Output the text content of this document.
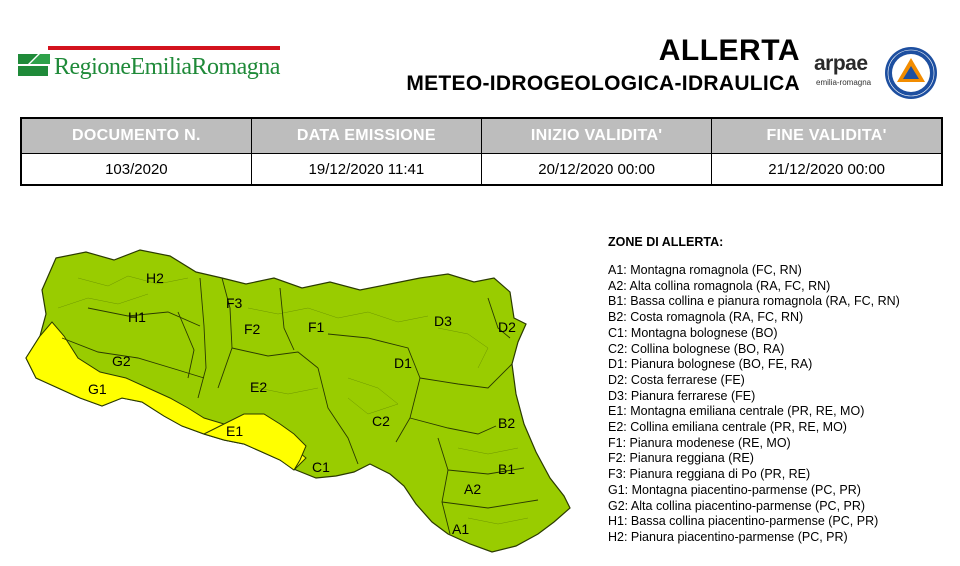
RegioneEmiliaRomagna	ALLERTA
METEO-IDROGEOLOGICA-IDRAULICA
arpae
emilia-romagna
DOCUMENTO N.	DATA EMISSIONE	INIZIO VALIDITA'	FINE VALIDITA'
103/2020	19/12/2020 11:41	20/12/2020 00:00	21/12/2020 00:00
H2
H1
G2
G1
F3
F2	F1
E2
E1
D3	D2
D1
C2
C1
B2
B1
A2
A1
ZONE DI ALLERTA:
A1: Montagna romagnola (FC, RN)
A2: Alta collina romagnola (RA, FC, RN)
B1: Bassa collina e pianura romagnola (RA, FC, RN)
B2: Costa romagnola (RA, FC, RN)
C1: Montagna bolognese (BO)
C2: Collina bolognese (BO, RA)
D1: Pianura bolognese (BO, FE, RA)
D2: Costa ferrarese (FE)
D3: Pianura ferrarese (FE)
E1: Montagna emiliana centrale (PR, RE, MO)
E2: Collina emiliana centrale (PR, RE, MO)
F1: Pianura modenese (RE, MO)
F2: Pianura reggiana (RE)
F3: Pianura reggiana di Po (PR, RE)
G1: Montagna piacentino-parmense (PC, PR)
G2: Alta collina piacentino-parmense (PC, PR)
H1: Bassa collina piacentino-parmense (PC, PR)
H2: Pianura piacentino-parmense (PC, PR)
